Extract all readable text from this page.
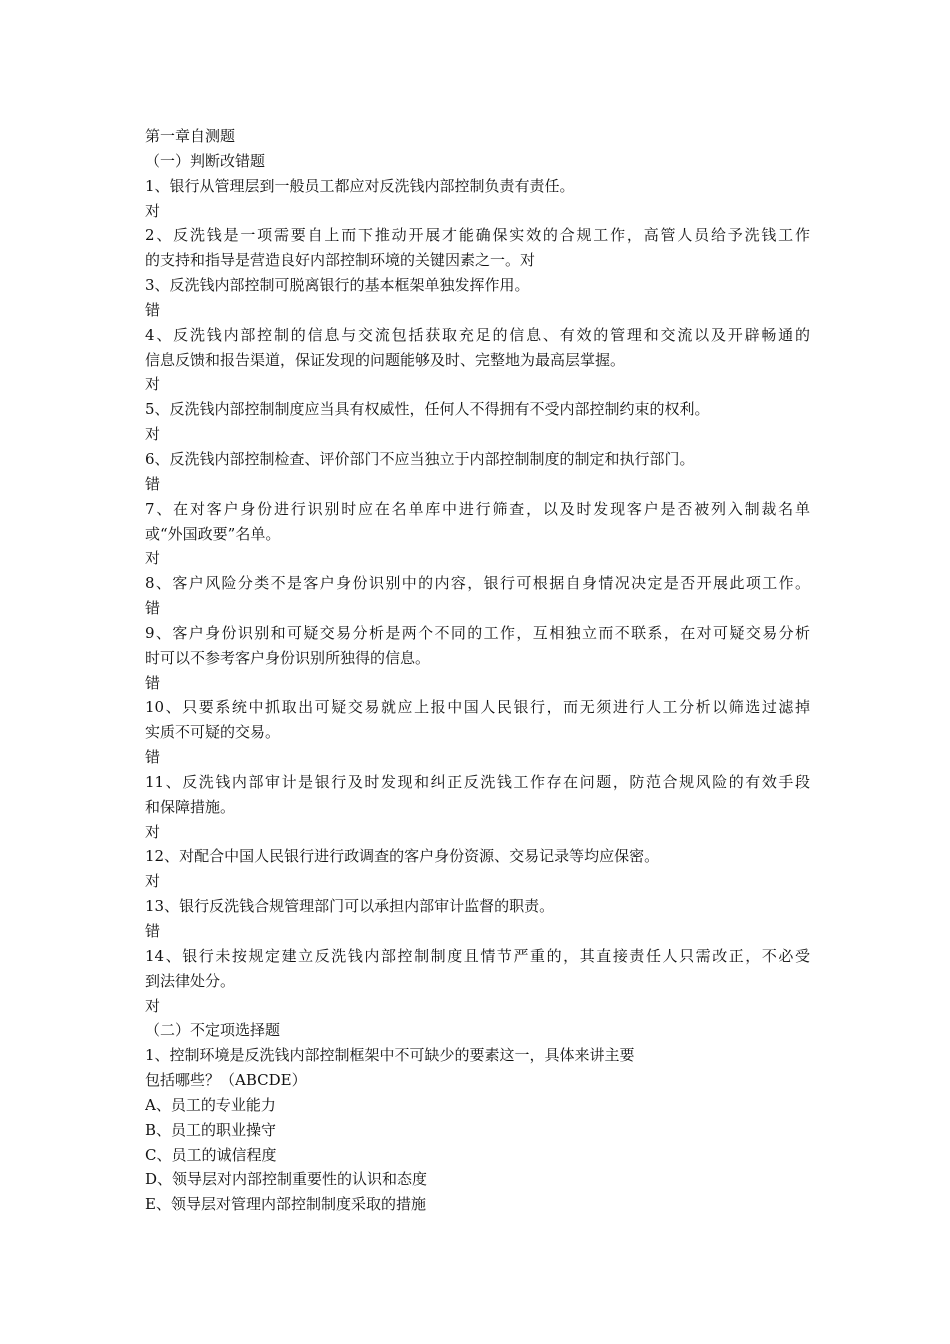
第一章自测题
（一）判断改错题
1、银行从管理层到一般员工都应对反洗钱内部控制负责有责任。
对
2、反洗钱是一项需要自上而下推动开展才能确保实效的合规工作，高管人员给予洗钱工作
的支持和指导是营造良好内部控制环境的关键因素之一。对
3、反洗钱内部控制可脱离银行的基本框架单独发挥作用。
错
4、反洗钱内部控制的信息与交流包括获取充足的信息、有效的管理和交流以及开辟畅通的
信息反馈和报告渠道，保证发现的问题能够及时、完整地为最高层掌握。
对
5、反洗钱内部控制制度应当具有权威性，任何人不得拥有不受内部控制约束的权利。
对
6、反洗钱内部控制检查、评价部门不应当独立于内部控制制度的制定和执行部门。
错
7、在对客户身份进行识别时应在名单库中进行筛查，以及时发现客户是否被列入制裁名单
或“外国政要”名单。
对
8、客户风险分类不是客户身份识别中的内容，银行可根据自身情况决定是否开展此项工作。
错
9、客户身份识别和可疑交易分析是两个不同的工作，互相独立而不联系，在对可疑交易分析
时可以不参考客户身份识别所独得的信息。
错
10、只要系统中抓取出可疑交易就应上报中国人民银行，而无须进行人工分析以筛选过滤掉
实质不可疑的交易。
错
11、反洗钱内部审计是银行及时发现和纠正反洗钱工作存在问题，防范合规风险的有效手段
和保障措施。
对
12、对配合中国人民银行进行政调查的客户身份资源、交易记录等均应保密。
对
13、银行反洗钱合规管理部门可以承担内部审计监督的职责。
错
14、银行未按规定建立反洗钱内部控制制度且情节严重的，其直接责任人只需改正，不必受
到法律处分。
对
（二）不定项选择题
1、控制环境是反洗钱内部控制框架中不可缺少的要素这一，具体来讲主要
包括哪些？（ABCDE）
A、员工的专业能力
B、员工的职业操守
C、员工的诚信程度
D、领导层对内部控制重要性的认识和态度
E、领导层对管理内部控制制度采取的措施
